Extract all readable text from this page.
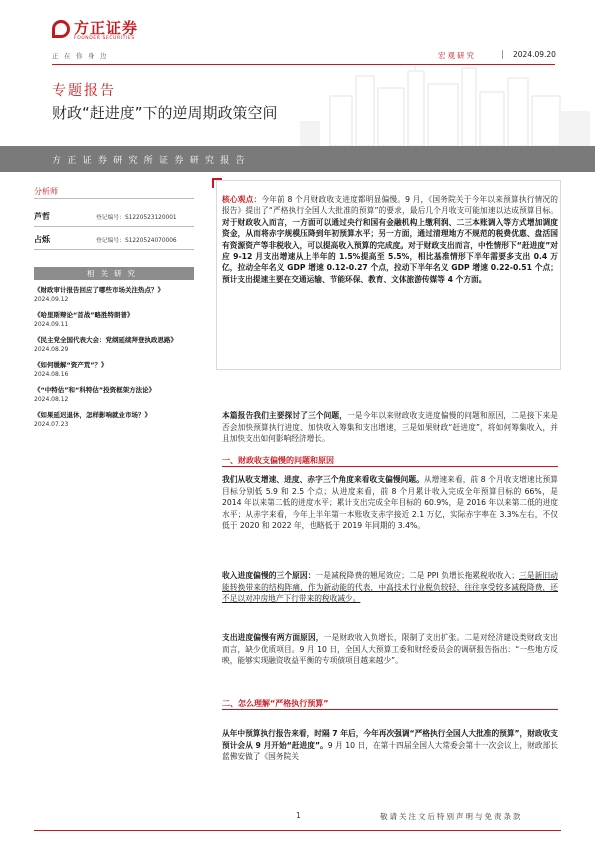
方正证券
FOUNDER SECURITIES
正在你身边	宏观研究	2024.09.20
专题报告
财政“赶进度”下的逆周期政策空间
方正证券研究所证券研究报告
分析师
芦哲	登记编号：S1220523120001
占烁	登记编号：S1220524070006
相关研究
《财政审计报告回应了哪些市场关注热点？》
2024.09.12
《哈里斯辩论“首战”略胜特朗普》
2024.09.11
《民主党全国代表大会：党纲延续拜登执政思路》
2024.08.29
《如何缓解“资产荒”？》
2024.08.16
《“中特估”和“科特估”投资框架方法论》
2024.08.12
《如果延迟退休，怎样影响就业市场？》
2024.07.23
核心观点：今年前 8 个月财政收支进度都明显偏慢。9 月，《国务院关于今年以来预算执行情况的报告》提出了“严格执行全国人大批准的预算”的要求，最后几个月收支可能加速以达成预算目标。对于财政收入而言，一方面可以通过央行和国有金融机构上缴利润、二三本账调入等方式增加调度资金，从而将赤字规模压降到年初预算水平；另一方面，通过清理地方不规范的税费优惠、盘活国有资源资产等非税收入，可以提高收入预算的完成度。对于财政支出而言，中性情形下“赶进度”对应 9-12 月支出增速从上半年的 1.5%提高至 5.5%，相比基准情形下半年需要多支出 0.4 万亿，拉动全年名义 GDP 增速 0.12-0.27 个点，拉动下半年名义 GDP 增速 0.22-0.51 个点；预计支出提速主要在交通运输、节能环保、教育、文体旅游传媒等 4 个方面。
本篇报告我们主要探讨了三个问题，一是今年以来财政收支进度偏慢的问题和原因，二是接下来是否会加快预算执行进度、加快收入筹集和支出增速，三是如果财政“赶进度”，将如何筹集收入，并且加快支出如何影响经济增长。
一、财政收支偏慢的问题和原因
我们从收支增速、进度、赤字三个角度来看收支偏慢问题。从增速来看，前 8 个月收支增速比预算目标分别低 5.9 和 2.5 个点；从进度来看，前 8 个月累计收入完成全年预算目标的 66%，是 2014 年以来第二低的进度水平；累计支出完成全年目标的 60.9%，是 2016 年以来第二低的进度水平；从赤字来看，今年上半年第一本账收支赤字接近 2.1 万亿，实际赤字率在 3.3%左右，不仅低于 2020 和 2022 年，也略低于 2019 年同期的 3.4%。
收入进度偏慢的三个原因：一是减税降费的翘尾效应；二是 PPI 负增长拖累税收收入；三是新旧动能转换带来的结构阵痛，作为新动能的代表，中高技术行业税负较轻、往往享受较多减税降费，还不足以对冲房地产下行带来的税收减少。
支出进度偏慢有两方面原因，一是财政收入负增长，限制了支出扩张。二是对经济建设类财政支出而言，缺少优质项目。9 月 10 日，全国人大预算工委和财经委员会的调研报告指出：“一些地方反映，能够实现融资收益平衡的专项债项目越来越少”。
二、怎么理解“严格执行预算”
从年中预算执行报告来看，时隔 7 年后，今年再次强调“严格执行全国人大批准的预算”，财政收支预计会从 9 月开始“赶进度”。9 月 10 日，在第十四届全国人大常委会第十一次会议上，财政部长蓝佛安做了《国务院关
1	敬请关注文后特别声明与免责条款
